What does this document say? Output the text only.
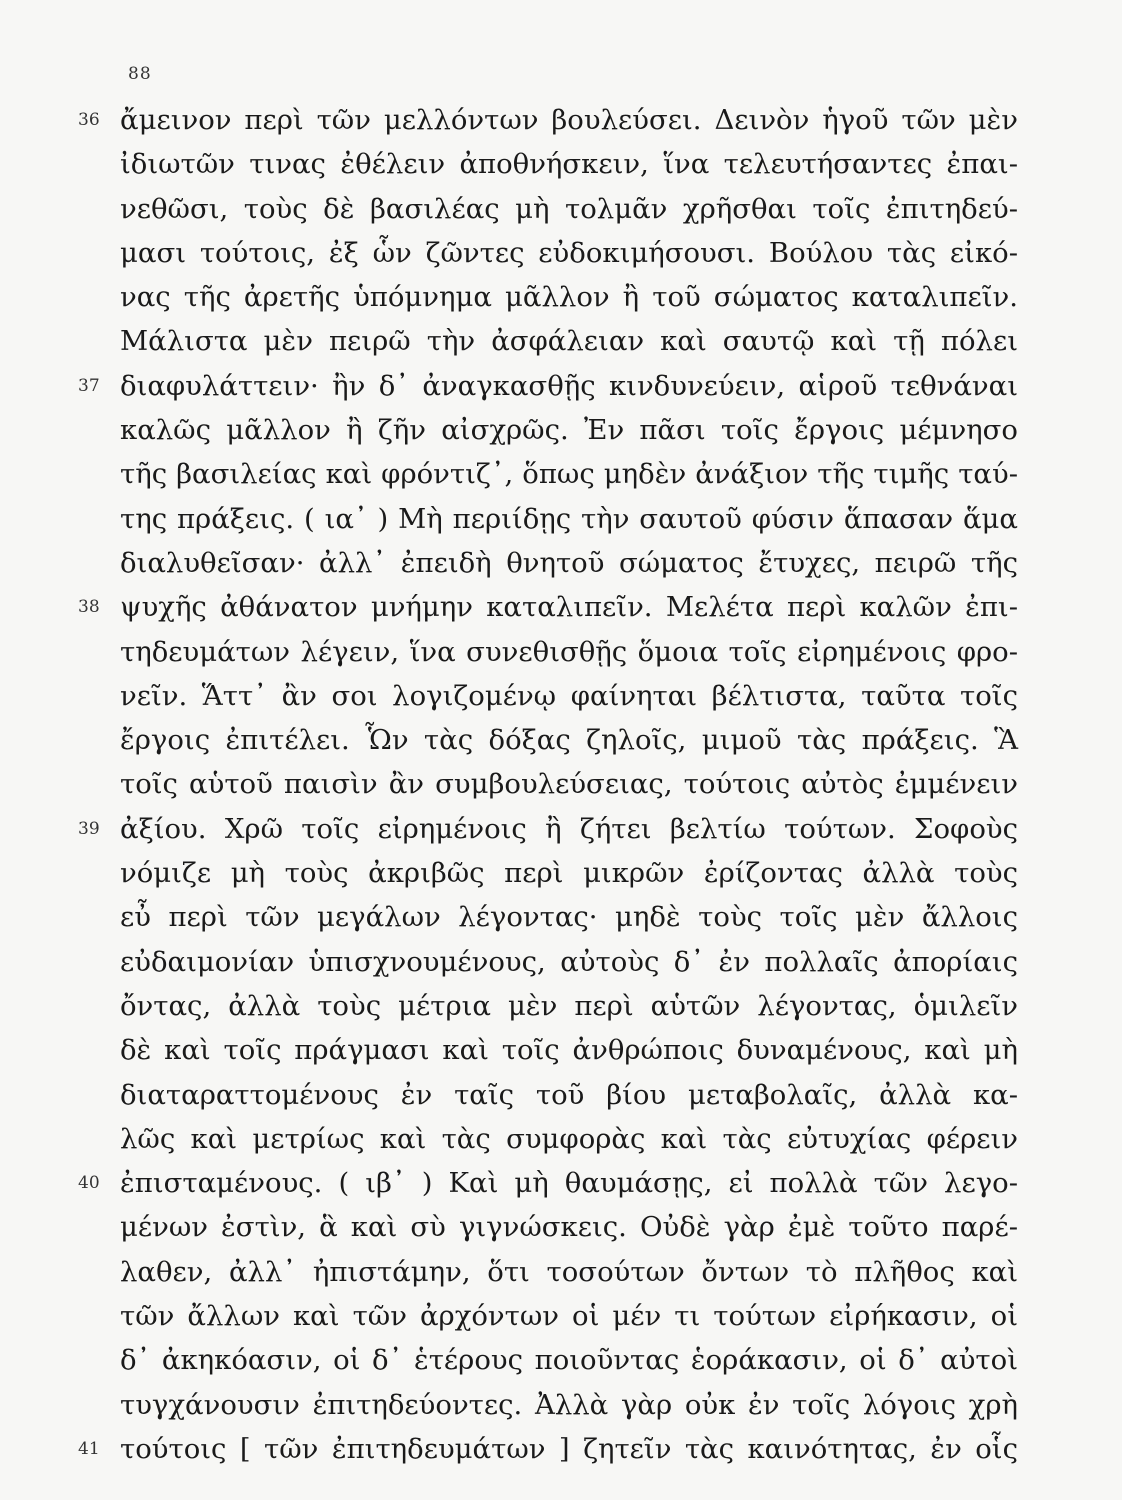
88
36 ἄμεινον περὶ τῶν μελλόντων βουλεύσει. Δεινὸν ἡγοῦ τῶν μὲν
ἰδιωτῶν τινας ἐθέλειν ἀποθνήσκειν, ἵνα τελευτήσαντες ἐπαι-
νεθῶσι, τοὺς δὲ βασιλέας μὴ τολμᾶν χρῆσθαι τοῖς ἐπιτηδεύ-
μασι τούτοις, ἐξ ὧν ζῶντες εὐδοκιμήσουσι. Βούλου τὰς εἰκό-
νας τῆς ἀρετῆς ὑπόμνημα μᾶλλον ἢ τοῦ σώματος καταλιπεῖν.
Μάλιστα μὲν πειρῶ τὴν ἀσφάλειαν καὶ σαυτῷ καὶ τῇ πόλει
37 διαφυλάττειν· ἢν δ᾽ ἀναγκασθῇς κινδυνεύειν, αἱροῦ τεθνάναι
καλῶς μᾶλλον ἢ ζῆν αἰσχρῶς. Ἐν πᾶσι τοῖς ἔργοις μέμνησο
τῆς βασιλείας καὶ φρόντιζ᾽, ὅπως μηδὲν ἀνάξιον τῆς τιμῆς ταύ-
της πράξεις. ( ια᾽ ) Μὴ περιίδῃς τὴν σαυτοῦ φύσιν ἅπασαν ἅμα
διαλυθεῖσαν· ἀλλ᾽ ἐπειδὴ θνητοῦ σώματος ἔτυχες, πειρῶ τῆς
38 ψυχῆς ἀθάνατον μνήμην καταλιπεῖν. Μελέτα περὶ καλῶν ἐπι-
τηδευμάτων λέγειν, ἵνα συνεθισθῇς ὅμοια τοῖς εἰρημένοις φρο-
νεῖν. Ἅττ᾽ ἂν σοι λογιζομένῳ φαίνηται βέλτιστα, ταῦτα τοῖς
ἔργοις ἐπιτέλει. Ὧν τὰς δόξας ζηλοῖς, μιμοῦ τὰς πράξεις. Ἃ
τοῖς αὑτοῦ παισὶν ἂν συμβουλεύσειας, τούτοις αὐτὸς ἐμμένειν
39 ἀξίου. Χρῶ τοῖς εἰρημένοις ἢ ζήτει βελτίω τούτων. Σοφοὺς
νόμιζε μὴ τοὺς ἀκριβῶς περὶ μικρῶν ἐρίζοντας ἀλλὰ τοὺς
εὖ περὶ τῶν μεγάλων λέγοντας· μηδὲ τοὺς τοῖς μὲν ἄλλοις
εὐδαιμονίαν ὑπισχνουμένους, αὐτοὺς δ᾽ ἐν πολλαῖς ἀπορίαις
ὄντας, ἀλλὰ τοὺς μέτρια μὲν περὶ αὑτῶν λέγοντας, ὁμιλεῖν
δὲ καὶ τοῖς πράγμασι καὶ τοῖς ἀνθρώποις δυναμένους, καὶ μὴ
διαταραττομένους ἐν ταῖς τοῦ βίου μεταβολαῖς, ἀλλὰ κα-
λῶς καὶ μετρίως καὶ τὰς συμφορὰς καὶ τὰς εὐτυχίας φέρειν
40 ἐπισταμένους. ( ιβ᾽ ) Καὶ μὴ θαυμάσῃς, εἰ πολλὰ τῶν λεγο-
μένων ἐστὶν, ἃ καὶ σὺ γιγνώσκεις. Οὐδὲ γὰρ ἐμὲ τοῦτο παρέ-
λαθεν, ἀλλ᾽ ἠπιστάμην, ὅτι τοσούτων ὄντων τὸ πλῆθος καὶ
τῶν ἄλλων καὶ τῶν ἀρχόντων οἱ μέν τι τούτων εἰρήκασιν, οἱ
δ᾽ ἀκηκόασιν, οἱ δ᾽ ἑτέρους ποιοῦντας ἑοράκασιν, οἱ δ᾽ αὐτοὶ
τυγχάνουσιν ἐπιτηδεύοντες. Ἀλλὰ γὰρ οὐκ ἐν τοῖς λόγοις χρὴ
41 τούτοις [ τῶν ἐπιτηδευμάτων ] ζητεῖν τὰς καινότητας, ἐν οἷς
